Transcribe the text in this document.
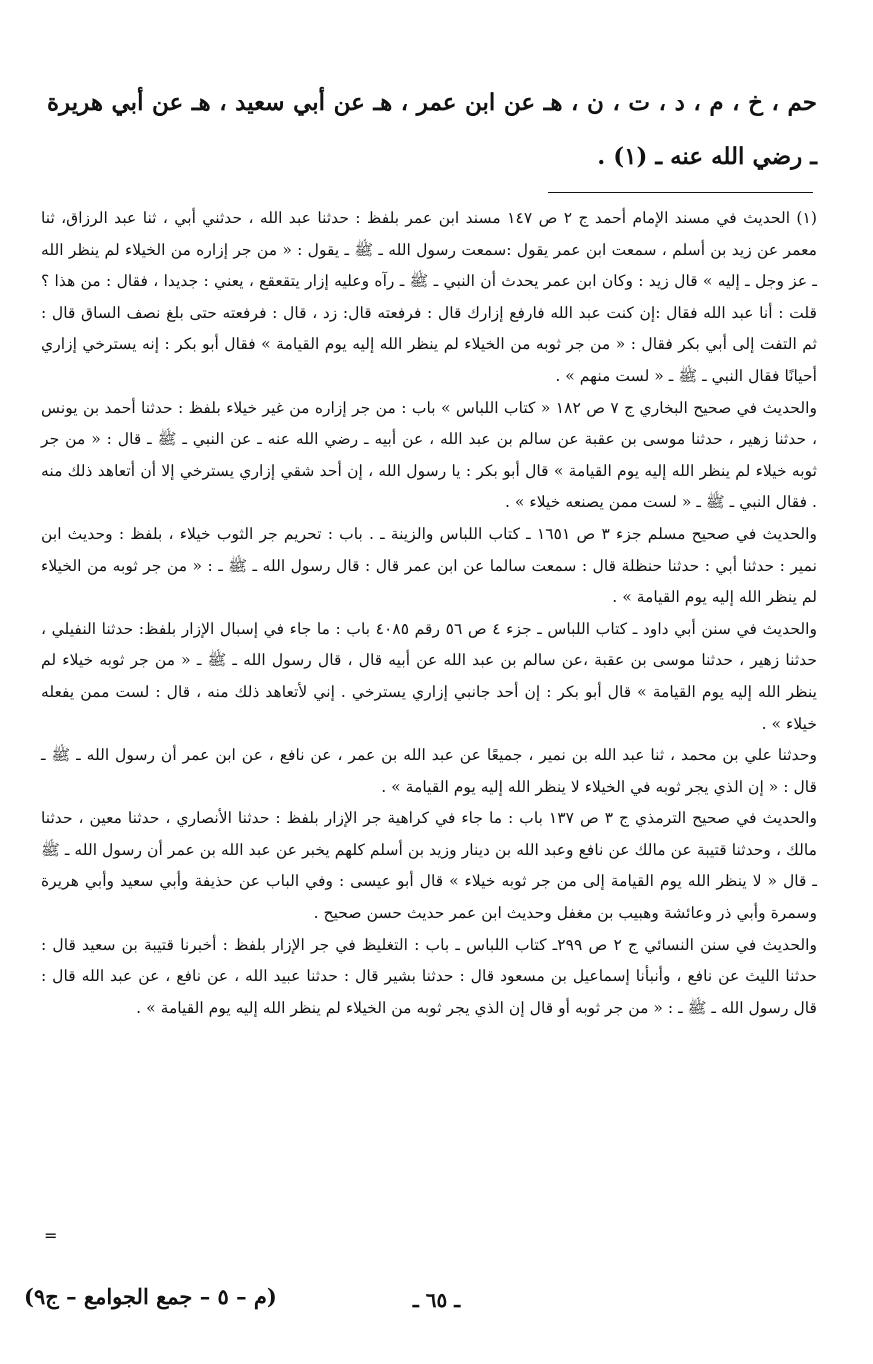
حم ، خ ، م ، د ، ت ، ن ، هـ عن ابن عمر ، هـ عن أبي سعيد ، هـ عن أبي هريرة ـ رضي الله عنه ـ (١) .

(١) الحديث في مسند الإمام أحمد ج ٢ ص ١٤٧ مسند ابن عمر بلفظ : حدثنا عبد الله ، حدثني أبي ، ثنا عبد الرزاق، ثنا معمر عن زيد بن أسلم ، سمعت ابن عمر يقول :سمعت رسول الله ـ ﷺ ـ يقول : « من جر إزاره من الخيلاء لم ينظر الله ـ عز وجل ـ إليه » قال زيد : وكان ابن عمر يحدث أن النبي ـ ﷺ ـ رآه وعليه إزار يتقعقع ، يعني : جديدا ، فقال : من هذا ؟ قلت : أنا عبد الله فقال :إن كنت عبد الله فارفع إزارك قال : فرفعته قال: زد ، قال : فرفعته حتى بلغ نصف الساق قال : ثم التفت إلى أبي بكر فقال : « من جر ثوبه من الخيلاء لم ينظر الله إليه يوم القيامة » فقال أبو بكر : إنه يسترخي إزاري أحيانًا فقال النبي ـ ﷺ ـ « لست منهم » .

والحديث في صحيح البخاري ج ٧ ص ١٨٢ « كتاب اللباس » باب : من جر إزاره من غير خيلاء بلفظ : حدثنا أحمد بن يونس ، حدثنا زهير ، حدثنا موسى بن عقبة عن سالم بن عبد الله ، عن أبيه ـ رضي الله عنه ـ عن النبي ـ ﷺ ـ قال : « من جر ثوبه خيلاء لم ينظر الله إليه يوم القيامة » قال أبو بكر : يا رسول الله ، إن أحد شقي إزاري يسترخي إلا أن أتعاهد ذلك منه . فقال النبي ـ ﷺ ـ « لست ممن يصنعه خيلاء » .

والحديث في صحيح مسلم جزء ٣ ص ١٦٥١ ـ كتاب اللباس والزينة ـ . باب : تحريم جر الثوب خيلاء ، بلفظ : وحديث ابن نمير : حدثنا أبي : حدثنا حنظلة قال : سمعت سالما عن ابن عمر قال : قال رسول الله ـ ﷺ ـ : « من جر ثوبه من الخيلاء لم ينظر الله إليه يوم القيامة » .

والحديث في سنن أبي داود ـ كتاب اللباس ـ جزء ٤ ص ٥٦ رقم ٤٠٨٥ باب : ما جاء في إسبال الإزار بلفظ: حدثنا النفيلي ، حدثنا زهير ، حدثنا موسى بن عقبة ،عن سالم بن عبد الله عن أبيه قال ، قال رسول الله ـ ﷺ ـ « من جر ثوبه خيلاء لم ينظر الله إليه يوم القيامة » قال أبو بكر : إن أحد جانبي إزاري يسترخي . إني لأتعاهد ذلك منه ، قال : لست ممن يفعله خيلاء » .

وحدثنا علي بن محمد ، ثنا عبد الله بن نمير ، جميعًا عن عبد الله بن عمر ، عن نافع ، عن ابن عمر أن رسول الله ـ ﷺ ـ قال : « إن الذي يجر ثوبه في الخيلاء لا ينظر الله إليه يوم القيامة » .

والحديث في صحيح الترمذي ج ٣ ص ١٣٧ باب : ما جاء في كراهية جر الإزار بلفظ : حدثنا الأنصاري ، حدثنا معين ، حدثنا مالك ، وحدثنا قتيبة عن مالك عن نافع وعبد الله بن دينار وزيد بن أسلم كلهم يخبر عن عبد الله بن عمر أن رسول الله ـ ﷺ ـ قال « لا ينظر الله يوم القيامة إلى من جر ثوبه خيلاء » قال أبو عيسى : وفي الباب عن حذيفة وأبي سعيد وأبي هريرة وسمرة وأبي ذر وعائشة وهبيب بن مغفل وحديث ابن عمر حديث حسن صحيح .

والحديث في سنن النسائي ج ٢ ص ٢٩٩ـ كتاب اللباس ـ باب : التغليظ في جر الإزار بلفظ : أخبرنا قتيبة بن سعيد قال : حدثنا الليث عن نافع ، وأنبأنا إسماعيل بن مسعود قال : حدثنا بشير قال : حدثنا عبيد الله ، عن نافع ، عن عبد الله قال : قال رسول الله ـ ﷺ ـ : « من جر ثوبه أو قال إن الذي يجر ثوبه من الخيلاء لم ينظر الله إليه يوم القيامة » .

=
ـ ٦٥ ـ
(م – ٥ – جمع الجوامع – ج٩)
